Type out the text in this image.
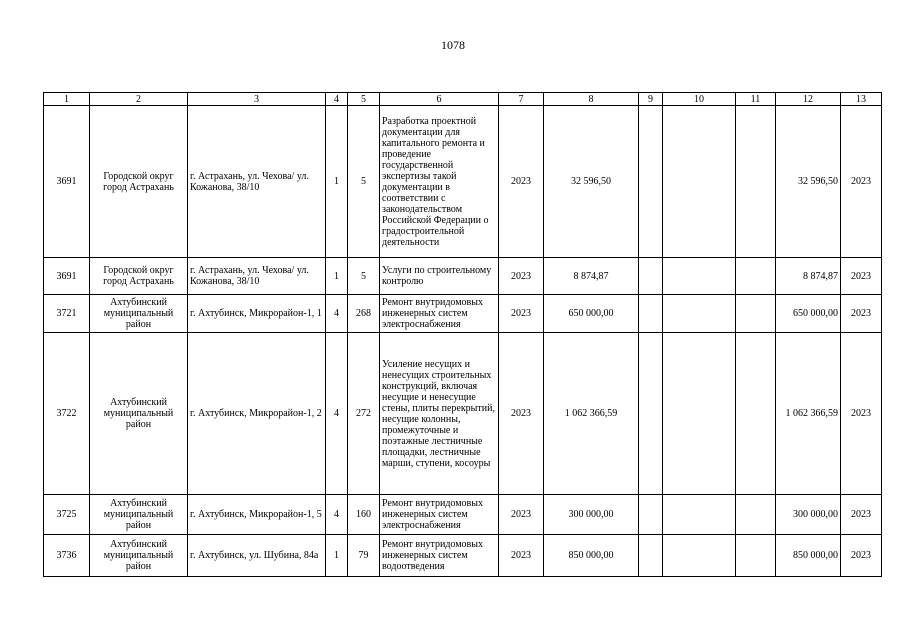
1078
1	2	3	4	5	6	7	8	9	10	11	12	13
3691	Городской округ город Астрахань	г. Астрахань, ул. Чехова/ ул. Кожанова, 38/10	1	5	Разработка проектной документации для капитального ремонта и проведение государственной экспертизы такой документации в соответствии с законодательством Российской Федерации о градостроительной деятельности	2023	32 596,50				32 596,50	2023
3691	Городской округ город Астрахань	г. Астрахань, ул. Чехова/ ул. Кожанова, 38/10	1	5	Услуги по строительному контролю	2023	8 874,87				8 874,87	2023
3721	Ахтубинский муниципальный район	г. Ахтубинск, Микрорайон-1, 1	4	268	Ремонт внутридомовых инженерных систем электроснабжения	2023	650 000,00				650 000,00	2023
3722	Ахтубинский муниципальный район	г. Ахтубинск, Микрорайон-1, 2	4	272	Усиление несущих и ненесущих строительных конструкций, включая несущие и ненесущие стены, плиты перекрытий, несущие колонны, промежуточные и поэтажные лестничные площадки, лестничные марши, ступени, косоуры	2023	1 062 366,59				1 062 366,59	2023
3725	Ахтубинский муниципальный район	г. Ахтубинск, Микрорайон-1, 5	4	160	Ремонт внутридомовых инженерных систем электроснабжения	2023	300 000,00				300 000,00	2023
3736	Ахтубинский муниципальный район	г. Ахтубинск, ул. Шубина, 84а	1	79	Ремонт внутридомовых инженерных систем водоотведения	2023	850 000,00				850 000,00	2023
